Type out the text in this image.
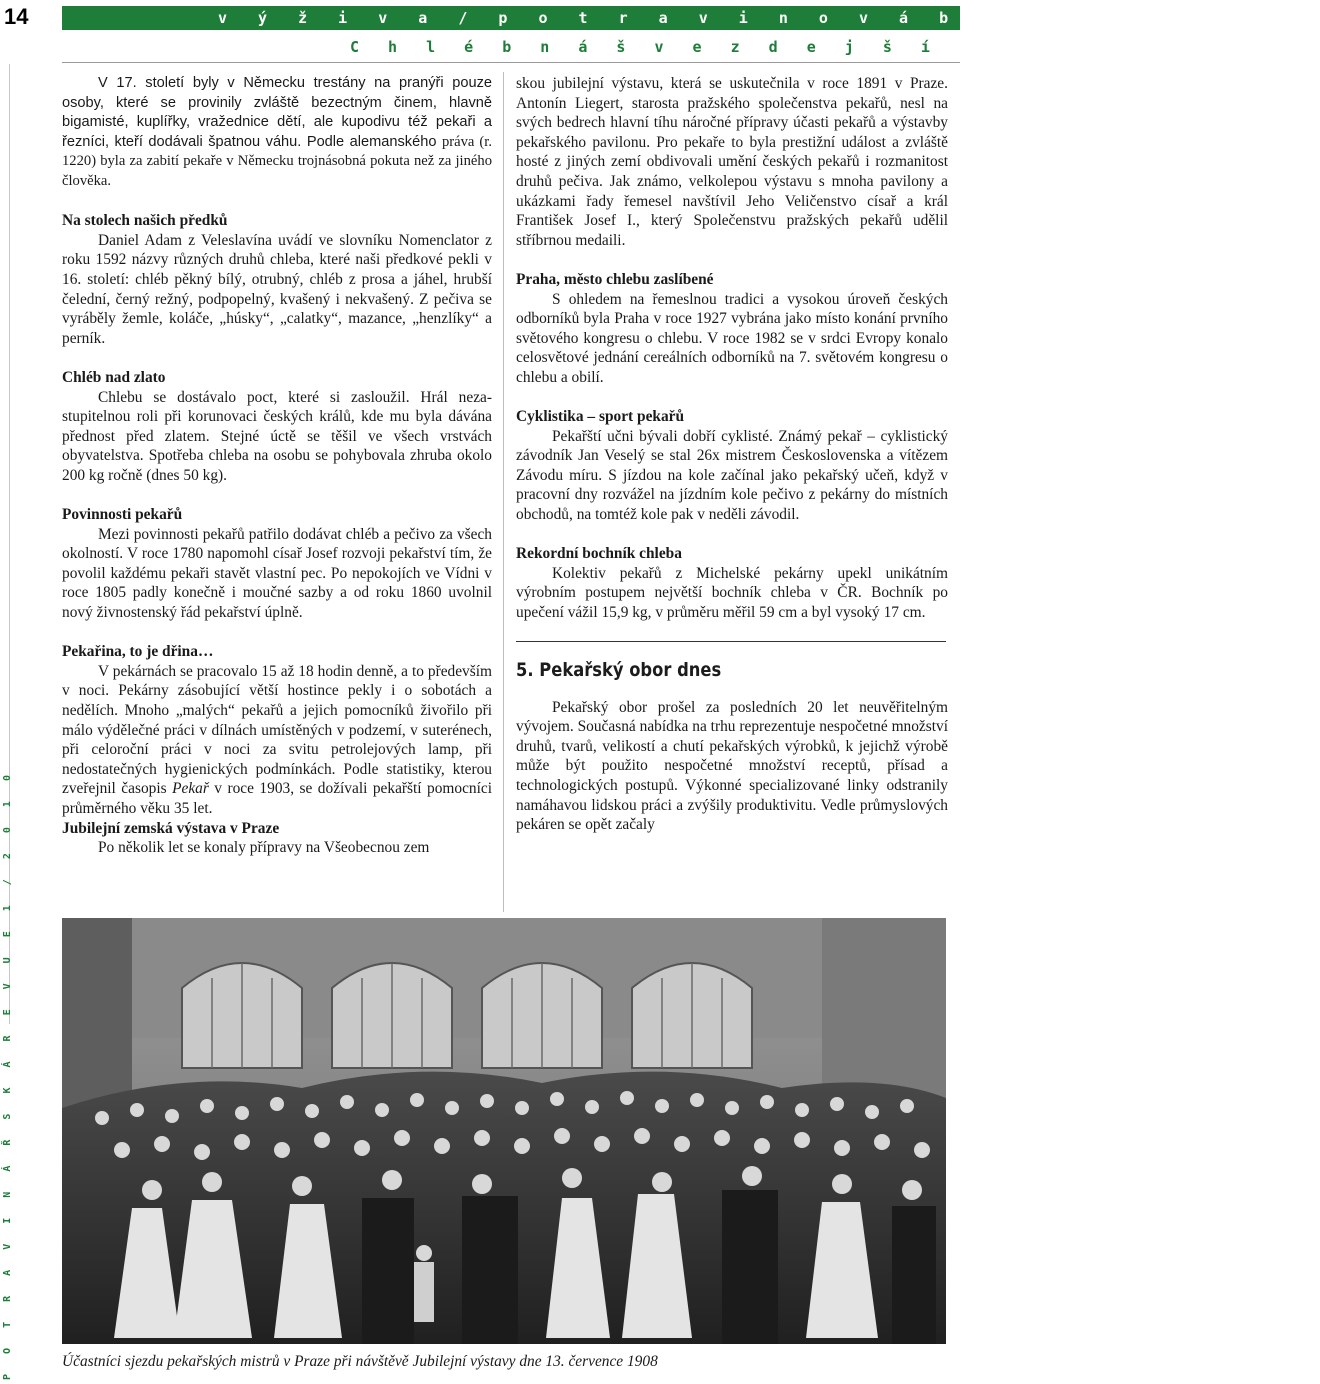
14	v ý ž i v a / p o t r a v i n o v á b e z p e č n o s t
C h l é b n á š v e z d e j š í
P O T R A V I N Á Ř S K Á R E V U E 1 / 2 0 1 0

V 17. století byly v Německu trestány na pranýři pouze osoby, které se provinily zvláště bezectným činem, hlavně bigamisté, kuplířky, vražednice dětí, ale kupodivu též pekaři a řezníci, kteří dodávali špatnou váhu. Podle alemanského práva (r. 1220) byla za zabití pekaře v Německu trojnásobná pokuta než za jiného člověka.

Na stolech našich předků

Daniel Adam z Veleslavína uvádí ve slovníku Nomenclator z roku 1592 názvy různých druhů chleba, které naši předkové pekli v 16. století: chléb pěkný bílý, otrubný, chléb z prosa a jáhel, hrubší čelední, černý režný, podpopelný, kvašený i nekvašený. Z pečiva se vyráběly žemle, koláče, „húsky“, „calatky“, mazance, „henzlíky“ a perník.

Chléb nad zlato

Chlebu se dostávalo poct, které si zasloužil. Hrál nezastupitelnou roli při korunovaci českých králů, kde mu byla dávána přednost před zlatem. Stejné úctě se těšil ve všech vrstvách obyvatelstva. Spotřeba chleba na osobu se pohybovala zhruba okolo 200 kg ročně (dnes 50 kg).

Povinnosti pekařů

Mezi povinnosti pekařů patřilo dodávat chléb a pečivo za všech okolností. V roce 1780 napomohl císař Josef rozvoji pekařství tím, že povolil každému pekaři stavět vlastní pec. Po nepokojích ve Vídni v roce 1805 padly konečně i moučné sazby a od roku 1860 uvolnil nový živnostenský řád pekařství úplně.

Pekařina, to je dřina…

V pekárnách se pracovalo 15 až 18 hodin denně, a to především v noci. Pekárny zásobující větší hostince pekly i o sobotách a nedělích. Mnoho „malých“ pekařů a jejich pomocníků živořilo při málo výdělečné práci v dílnách umístěných v podzemí, v suterénech, při celoroční práci v noci za svitu petrolejových lamp, při nedostatečných hygienických podmínkách. Podle statistiky, kterou zveřejnil časopis Pekař v roce 1903, se dožívali pekařští pomocníci průměrného věku 35 let.

Jubilejní zemská výstava v Praze

Po několik let se konaly přípravy na Všeobecnou zem

skou jubilejní výstavu, která se uskutečnila v roce 1891 v Praze. Antonín Liegert, starosta pražského společenstva pekařů, nesl na svých bedrech hlavní tíhu náročné přípravy účasti pekařů a výstavby pekařského pavilonu. Pro pekaře to byla prestižní událost a zvláště hosté z jiných zemí obdivovali umění českých pekařů i rozmanitost druhů pečiva. Jak známo, velkolepou výstavu s mnoha pavilony a ukázkami řady řemesel navštívil Jeho Veličenstvo císař a král František Josef I., který Společenstvu pražských pekařů udělil stříbrnou medaili.

Praha, město chlebu zaslíbené

S ohledem na řemeslnou tradici a vysokou úroveň českých odborníků byla Praha v roce 1927 vybrána jako místo konání prvního světového kongresu o chlebu. V roce 1982 se v srdci Evropy konalo celosvětové jednání cereálních odborníků na 7. světovém kongresu o chlebu a obilí.

Cyklistika – sport pekařů

Pekařští učni bývali dobří cyklisté. Známý pekař – cyklistický závodník Jan Veselý se stal 26x mistrem Československa a vítězem Závodu míru. S jízdou na kole začínal jako pekařský učeň, když v pracovní dny rozvážel na jízdním kole pečivo z pekárny do místních obchodů, na tomtéž kole pak v neděli závodil.

Rekordní bochník chleba

Kolektiv pekařů z Michelské pekárny upekl unikátním výrobním postupem největší bochník chleba v ČR. Bochník po upečení vážil 15,9 kg, v průměru měřil 59 cm a byl vysoký 17 cm.

5. Pekařský obor dnes

Pekařský obor prošel za posledních 20 let neuvěřitelným vývojem. Současná nabídka na trhu reprezentuje nespočetné množství druhů, tvarů, velikostí a chutí pekařských výrobků, k jejichž výrobě může být použito nespočetné množství receptů, přísad a technologických postupů. Výkonné specializované linky odstranily namáhavou lidskou práci a zvýšily produktivitu. Vedle průmyslových pekáren se opět začaly

Účastníci sjezdu pekařských mistrů v Praze při návštěvě Jubilejní výstavy dne 13. července 1908
